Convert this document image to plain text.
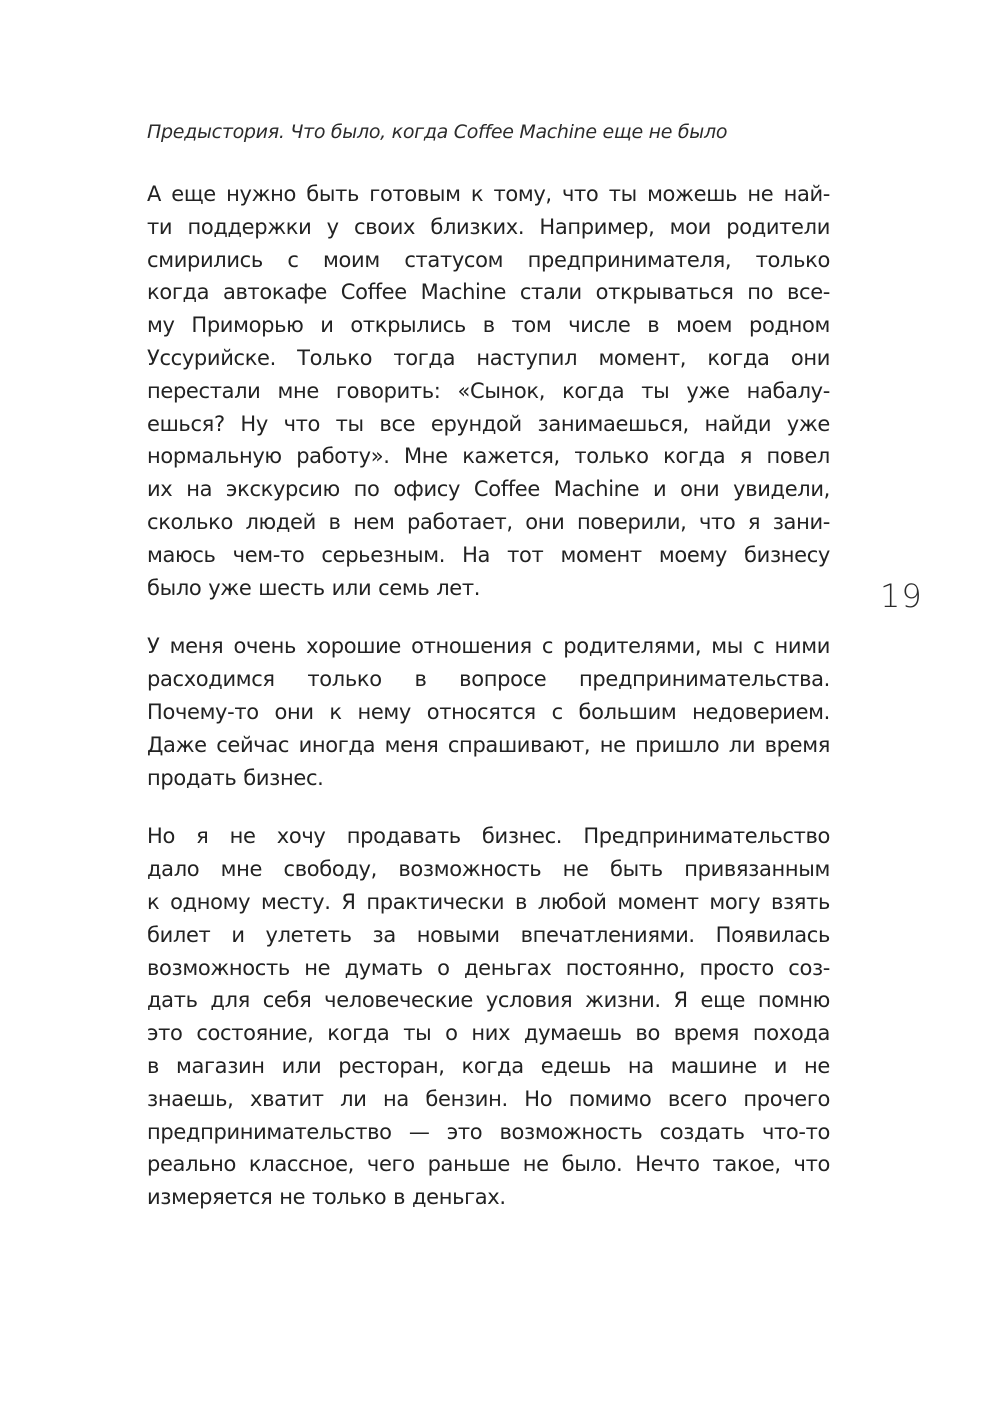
Предыстория. Что было, когда Coffee Machine еще не было
19
А еще нужно быть готовым к тому, что ты можешь не най-
ти поддержки у своих близких. Например, мои родители
смирились с моим статусом предпринимателя, только
когда автокафе Coffee Machine стали открываться по все-
му Приморью и открылись в том числе в моем родном
Уссурийске. Только тогда наступил момент, когда они
перестали мне говорить: «Сынок, когда ты уже набалу-
ешься? Ну что ты все ерундой занимаешься, найди уже
нормальную работу». Мне кажется, только когда я повел
их на экскурсию по офису Coffee Machine и они увидели,
сколько людей в нем работает, они поверили, что я зани-
маюсь чем-то серьезным. На тот момент моему бизнесу
было уже шесть или семь лет.
У меня очень хорошие отношения с родителями, мы с ними
расходимся только в вопросе предпринимательства.
Почему-то они к нему относятся с большим недоверием.
Даже сейчас иногда меня спрашивают, не пришло ли время
продать бизнес.
Но я не хочу продавать бизнес. Предпринимательство
дало мне свободу, возможность не быть привязанным
к одному месту. Я практически в любой момент могу взять
билет и улететь за новыми впечатлениями. Появилась
возможность не думать о деньгах постоянно, просто соз-
дать для себя человеческие условия жизни. Я еще помню
это состояние, когда ты о них думаешь во время похода
в магазин или ресторан, когда едешь на машине и не
знаешь, хватит ли на бензин. Но помимо всего прочего
предпринимательство — это возможность создать что-то
реально классное, чего раньше не было. Нечто такое, что
измеряется не только в деньгах.
